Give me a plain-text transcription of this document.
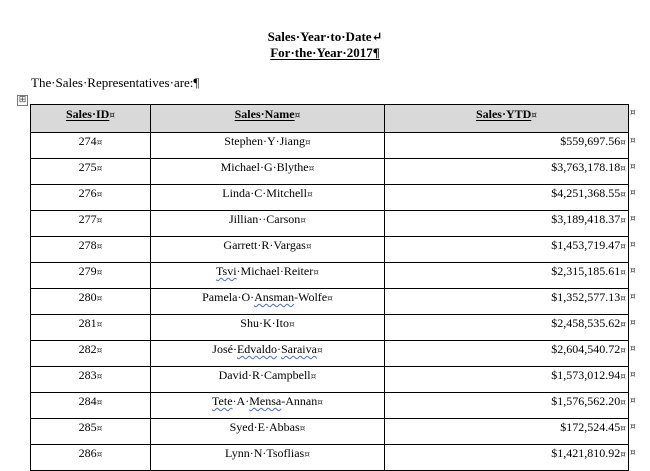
Sales·Year·to·Date↵
For·the·Year·2017¶
The·Sales·Representatives·are:¶
⊞
Sales·ID¤	Sales·Name¤	Sales·YTD¤
274¤	Stephen·Y·Jiang¤	$559,697.56¤
275¤	Michael·G·Blythe¤	$3,763,178.18¤
276¤	Linda·C·Mitchell¤	$4,251,368.55¤
277¤	Jillian··Carson¤	$3,189,418.37¤
278¤	Garrett·R·Vargas¤	$1,453,719.47¤
279¤	Tsvi·Michael·Reiter¤	$2,315,185.61¤
280¤	Pamela·O·Ansman-Wolfe¤	$1,352,577.13¤
281¤	Shu·K·Ito¤	$2,458,535.62¤
282¤	José·Edvaldo·Saraiva¤	$2,604,540.72¤
283¤	David·R·Campbell¤	$1,573,012.94¤
284¤	Tete·A·Mensa-Annan¤	$1,576,562.20¤
285¤	Syed·E·Abbas¤	$172,524.45¤
286¤	Lynn·N·Tsoflias¤	$1,421,810.92¤
¤
¤
¤
¤
¤
¤
¤
¤
¤
¤
¤
¤
¤
¤
